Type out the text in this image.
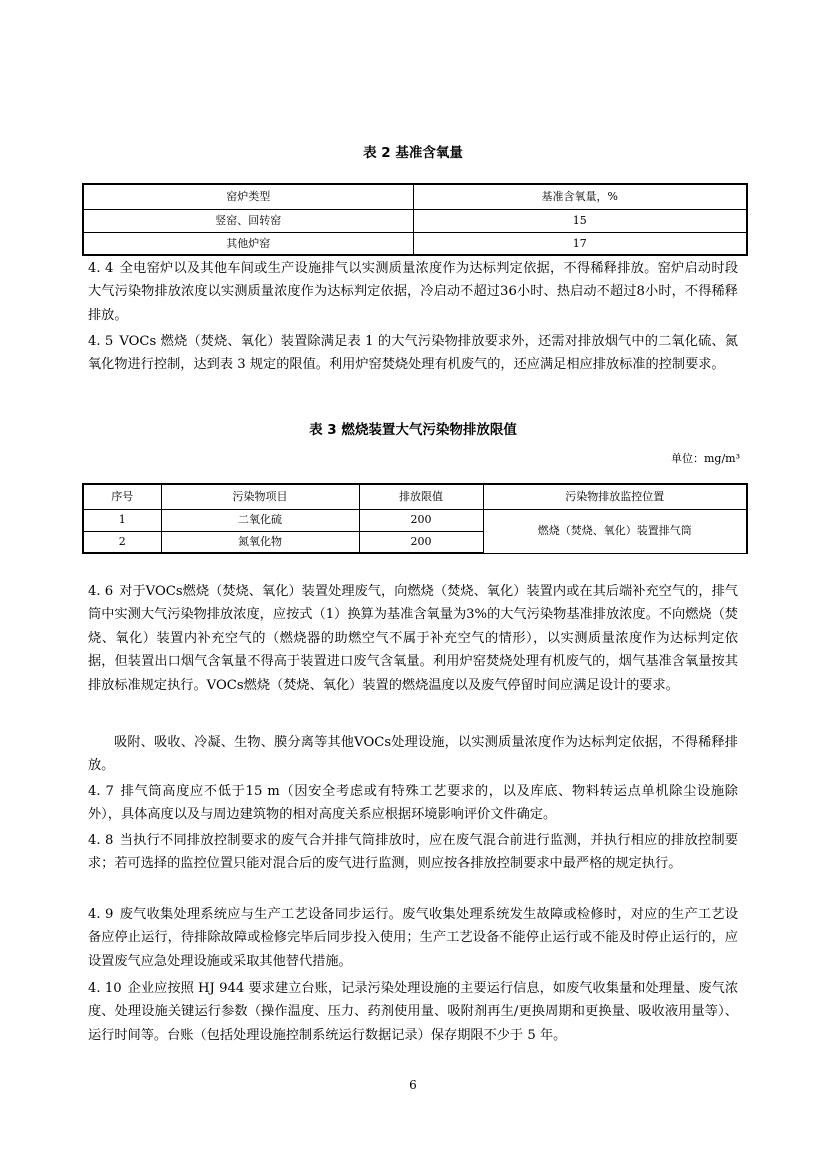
表 2 基准含氧量
窑炉类型	基准含氧量，%
竖窑、回转窑	15
其他炉窑	17

4. 4 全电窑炉以及其他车间或生产设施排气以实测质量浓度作为达标判定依据，不得稀释排放。窑炉启动时段大气污染物排放浓度以实测质量浓度作为达标判定依据，冷启动不超过36小时、热启动不超过8小时，不得稀释排放。

4. 5 VOCs 燃烧（焚烧、氧化）装置除满足表 1 的大气污染物排放要求外，还需对排放烟气中的二氧化硫、氮氧化物进行控制，达到表 3 规定的限值。利用炉窑焚烧处理有机废气的，还应满足相应排放标准的控制要求。

表 3 燃烧装置大气污染物排放限值
单位：mg/m³
序号	污染物项目	排放限值	污染物排放监控位置
1	二氧化硫	200	燃烧（焚烧、氧化）装置排气筒
2	氮氧化物	200	

4. 6 对于VOCs燃烧（焚烧、氧化）装置处理废气，向燃烧（焚烧、氧化）装置内或在其后端补充空气的，排气筒中实测大气污染物排放浓度，应按式（1）换算为基准含氧量为3%的大气污染物基准排放浓度。不向燃烧（焚烧、氧化）装置内补充空气的（燃烧器的助燃空气不属于补充空气的情形），以实测质量浓度作为达标判定依据，但装置出口烟气含氧量不得高于装置进口废气含氧量。利用炉窑焚烧处理有机废气的，烟气基准含氧量按其排放标准规定执行。VOCs燃烧（焚烧、氧化）装置的燃烧温度以及废气停留时间应满足设计的要求。

吸附、吸收、冷凝、生物、膜分离等其他VOCs处理设施，以实测质量浓度作为达标判定依据，不得稀释排放。

4. 7 排气筒高度应不低于15 m（因安全考虑或有特殊工艺要求的，以及库底、物料转运点单机除尘设施除外），具体高度以及与周边建筑物的相对高度关系应根据环境影响评价文件确定。

4. 8 当执行不同排放控制要求的废气合并排气筒排放时，应在废气混合前进行监测，并执行相应的排放控制要求；若可选择的监控位置只能对混合后的废气进行监测，则应按各排放控制要求中最严格的规定执行。

4. 9 废气收集处理系统应与生产工艺设备同步运行。废气收集处理系统发生故障或检修时，对应的生产工艺设备应停止运行，待排除故障或检修完毕后同步投入使用；生产工艺设备不能停止运行或不能及时停止运行的，应设置废气应急处理设施或采取其他替代措施。

4. 10 企业应按照 HJ 944 要求建立台账，记录污染处理设施的主要运行信息，如废气收集量和处理量、废气浓度、处理设施关键运行参数（操作温度、压力、药剂使用量、吸附剂再生/更换周期和更换量、吸收液用量等）、运行时间等。台账（包括处理设施控制系统运行数据记录）保存期限不少于 5 年。

6
